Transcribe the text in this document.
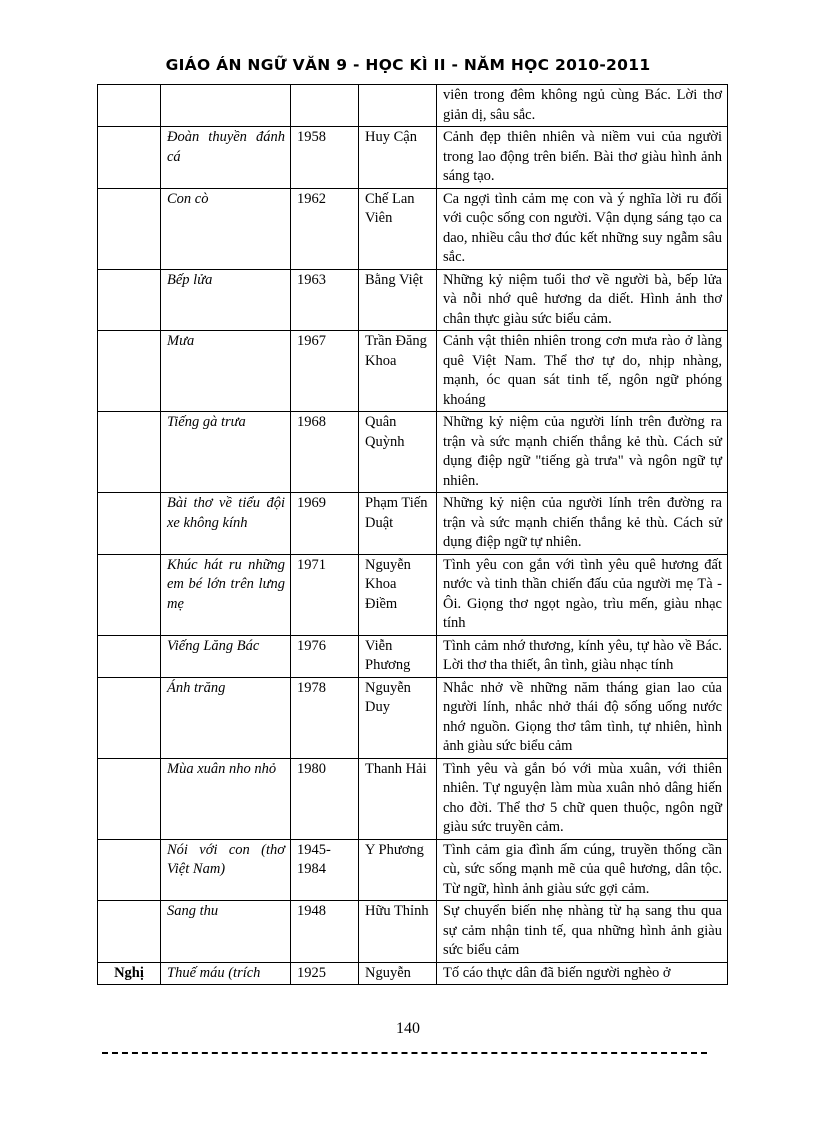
GIÁO ÁN NGỮ VĂN 9 - HỌC KÌ II - NĂM HỌC 2010-2011
				viên trong đêm không ngủ cùng Bác. Lời thơ giản dị, sâu sắc.
	Đoàn thuyền đánh cá	1958	Huy Cận	Cảnh đẹp thiên nhiên và niềm vui của người trong lao động trên biển. Bài thơ giàu hình ảnh sáng tạo.
	Con cò	1962	Chế Lan Viên	Ca ngợi tình cảm mẹ con và ý nghĩa lời ru đối với cuộc sống con người. Vận dụng sáng tạo ca dao, nhiều câu thơ đúc kết những suy ngẫm sâu sắc.
	Bếp lửa	1963	Bằng Việt	Những kỷ niệm tuổi thơ về người bà, bếp lửa và nỗi nhớ quê hương da diết. Hình ảnh thơ chân thực giàu sức biểu cảm.
	Mưa	1967	Trần Đăng Khoa	Cảnh vật thiên nhiên trong cơn mưa rào ở làng quê Việt Nam. Thể thơ tự do, nhịp nhàng, mạnh, óc quan sát tinh tế, ngôn ngữ phóng khoáng
	Tiếng gà trưa	1968	Quân Quỳnh	Những kỷ niệm của người lính trên đường ra trận và sức mạnh chiến thắng kẻ thù. Cách sử dụng điệp ngữ "tiếng gà trưa" và ngôn ngữ tự nhiên.
	Bài thơ về tiểu đội xe không kính	1969	Phạm Tiến Duật	Những kỷ niện của người lính trên đường ra trận và sức mạnh chiến thắng kẻ thù. Cách sử dụng điệp ngữ tự nhiên.
	Khúc hát ru những em bé lớn trên lưng mẹ	1971	Nguyễn Khoa Điềm	Tình yêu con gắn với tình yêu quê hương đất nước và tinh thần chiến đấu của người mẹ Tà - Ôi. Giọng thơ ngọt ngào, trìu mến, giàu nhạc tính
	Viếng Lăng Bác	1976	Viễn Phương	Tình cảm nhớ thương, kính yêu, tự hào về Bác. Lời thơ tha thiết, ân tình, giàu nhạc tính
	Ánh trăng	1978	Nguyễn Duy	Nhắc nhở về những năm tháng gian lao của người lính, nhắc nhở thái độ sống uống nước nhớ nguồn. Giọng thơ tâm tình, tự nhiên, hình ảnh giàu sức biểu cảm
	Mùa xuân nho nhỏ	1980	Thanh Hải	Tình yêu và gắn bó với mùa xuân, với thiên nhiên. Tự nguyện làm mùa xuân nhỏ dâng hiến cho đời. Thể thơ 5 chữ quen thuộc, ngôn ngữ giàu sức truyền cảm.
	Nói với con (thơ Việt Nam)	1945-1984	Y Phương	Tình cảm gia đình ấm cúng, truyền thống cần cù, sức sống mạnh mẽ của quê hương, dân tộc. Từ ngữ, hình ảnh giàu sức gợi cảm.
	Sang thu	1948	Hữu Thỉnh	Sự chuyển biến nhẹ nhàng từ hạ sang thu qua sự cảm nhận tinh tế, qua những hình ảnh giàu sức biểu cảm
Nghị	Thuế máu (trích	1925	Nguyễn	Tố cáo thực dân đã biến người nghèo ở
140
